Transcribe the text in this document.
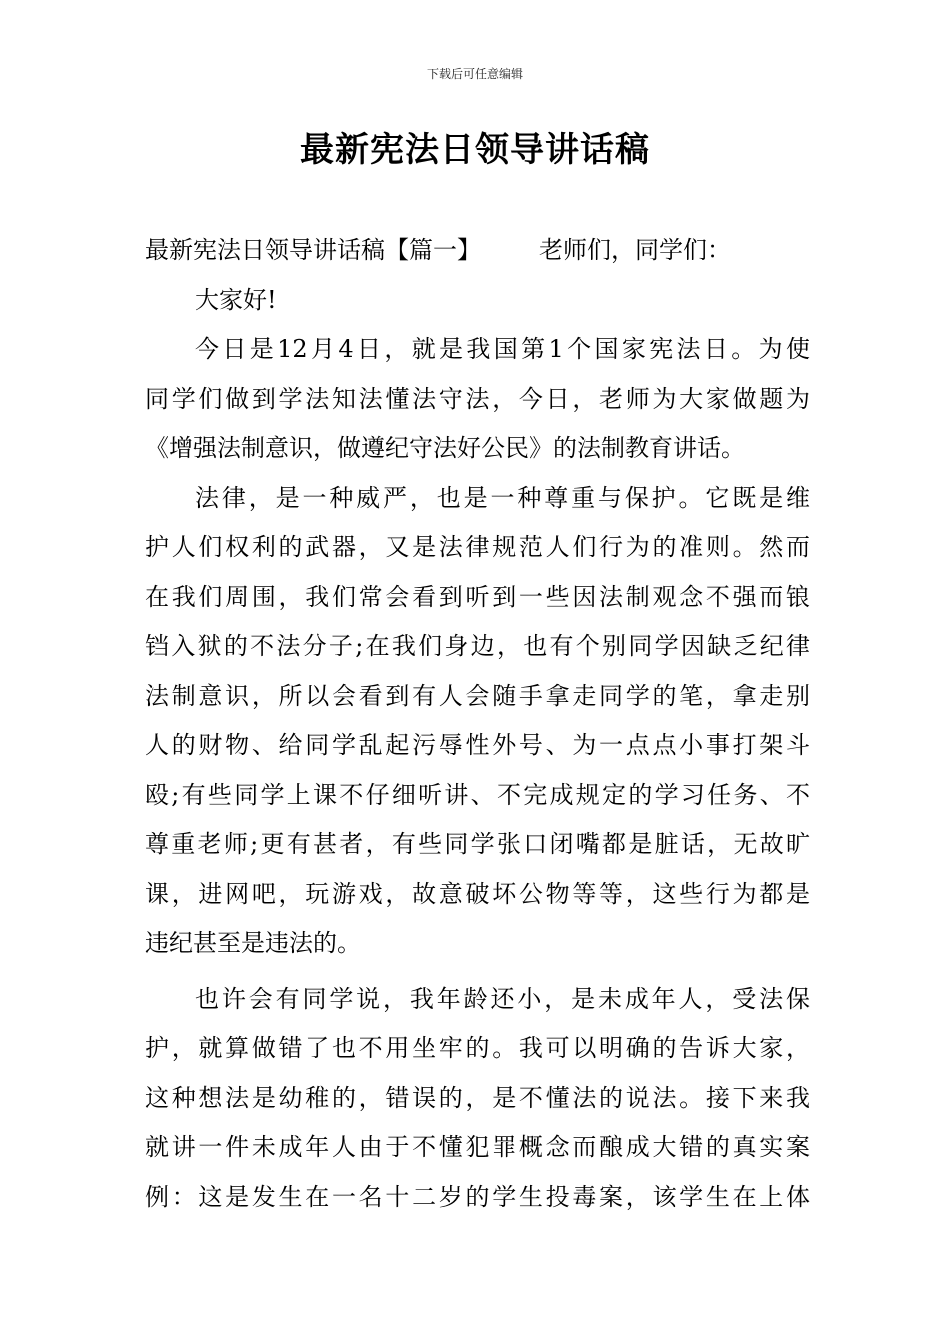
下载后可任意编辑
最新宪法日领导讲话稿
最新宪法日领导讲话稿【篇一】 老师们，同学们：
大家好!
今日是12月4日，就是我国第1个国家宪法日。为使
同学们做到学法知法懂法守法，今日，老师为大家做题为
《增强法制意识，做遵纪守法好公民》的法制教育讲话。
法律，是一种威严，也是一种尊重与保护。它既是维
护人们权利的武器，又是法律规范人们行为的准则。然而
在我们周围，我们常会看到听到一些因法制观念不强而锒
铛入狱的不法分子;在我们身边，也有个别同学因缺乏纪律
法制意识，所以会看到有人会随手拿走同学的笔，拿走别
人的财物、给同学乱起污辱性外号、为一点点小事打架斗
殴;有些同学上课不仔细听讲、不完成规定的学习任务、不
尊重老师;更有甚者，有些同学张口闭嘴都是脏话，无故旷
课，进网吧，玩游戏，故意破坏公物等等，这些行为都是
违纪甚至是违法的。
也许会有同学说，我年龄还小，是未成年人，受法保
护，就算做错了也不用坐牢的。我可以明确的告诉大家，
这种想法是幼稚的，错误的，是不懂法的说法。接下来我
就讲一件未成年人由于不懂犯罪概念而酿成大错的真实案
例：这是发生在一名十二岁的学生投毒案，该学生在上体
